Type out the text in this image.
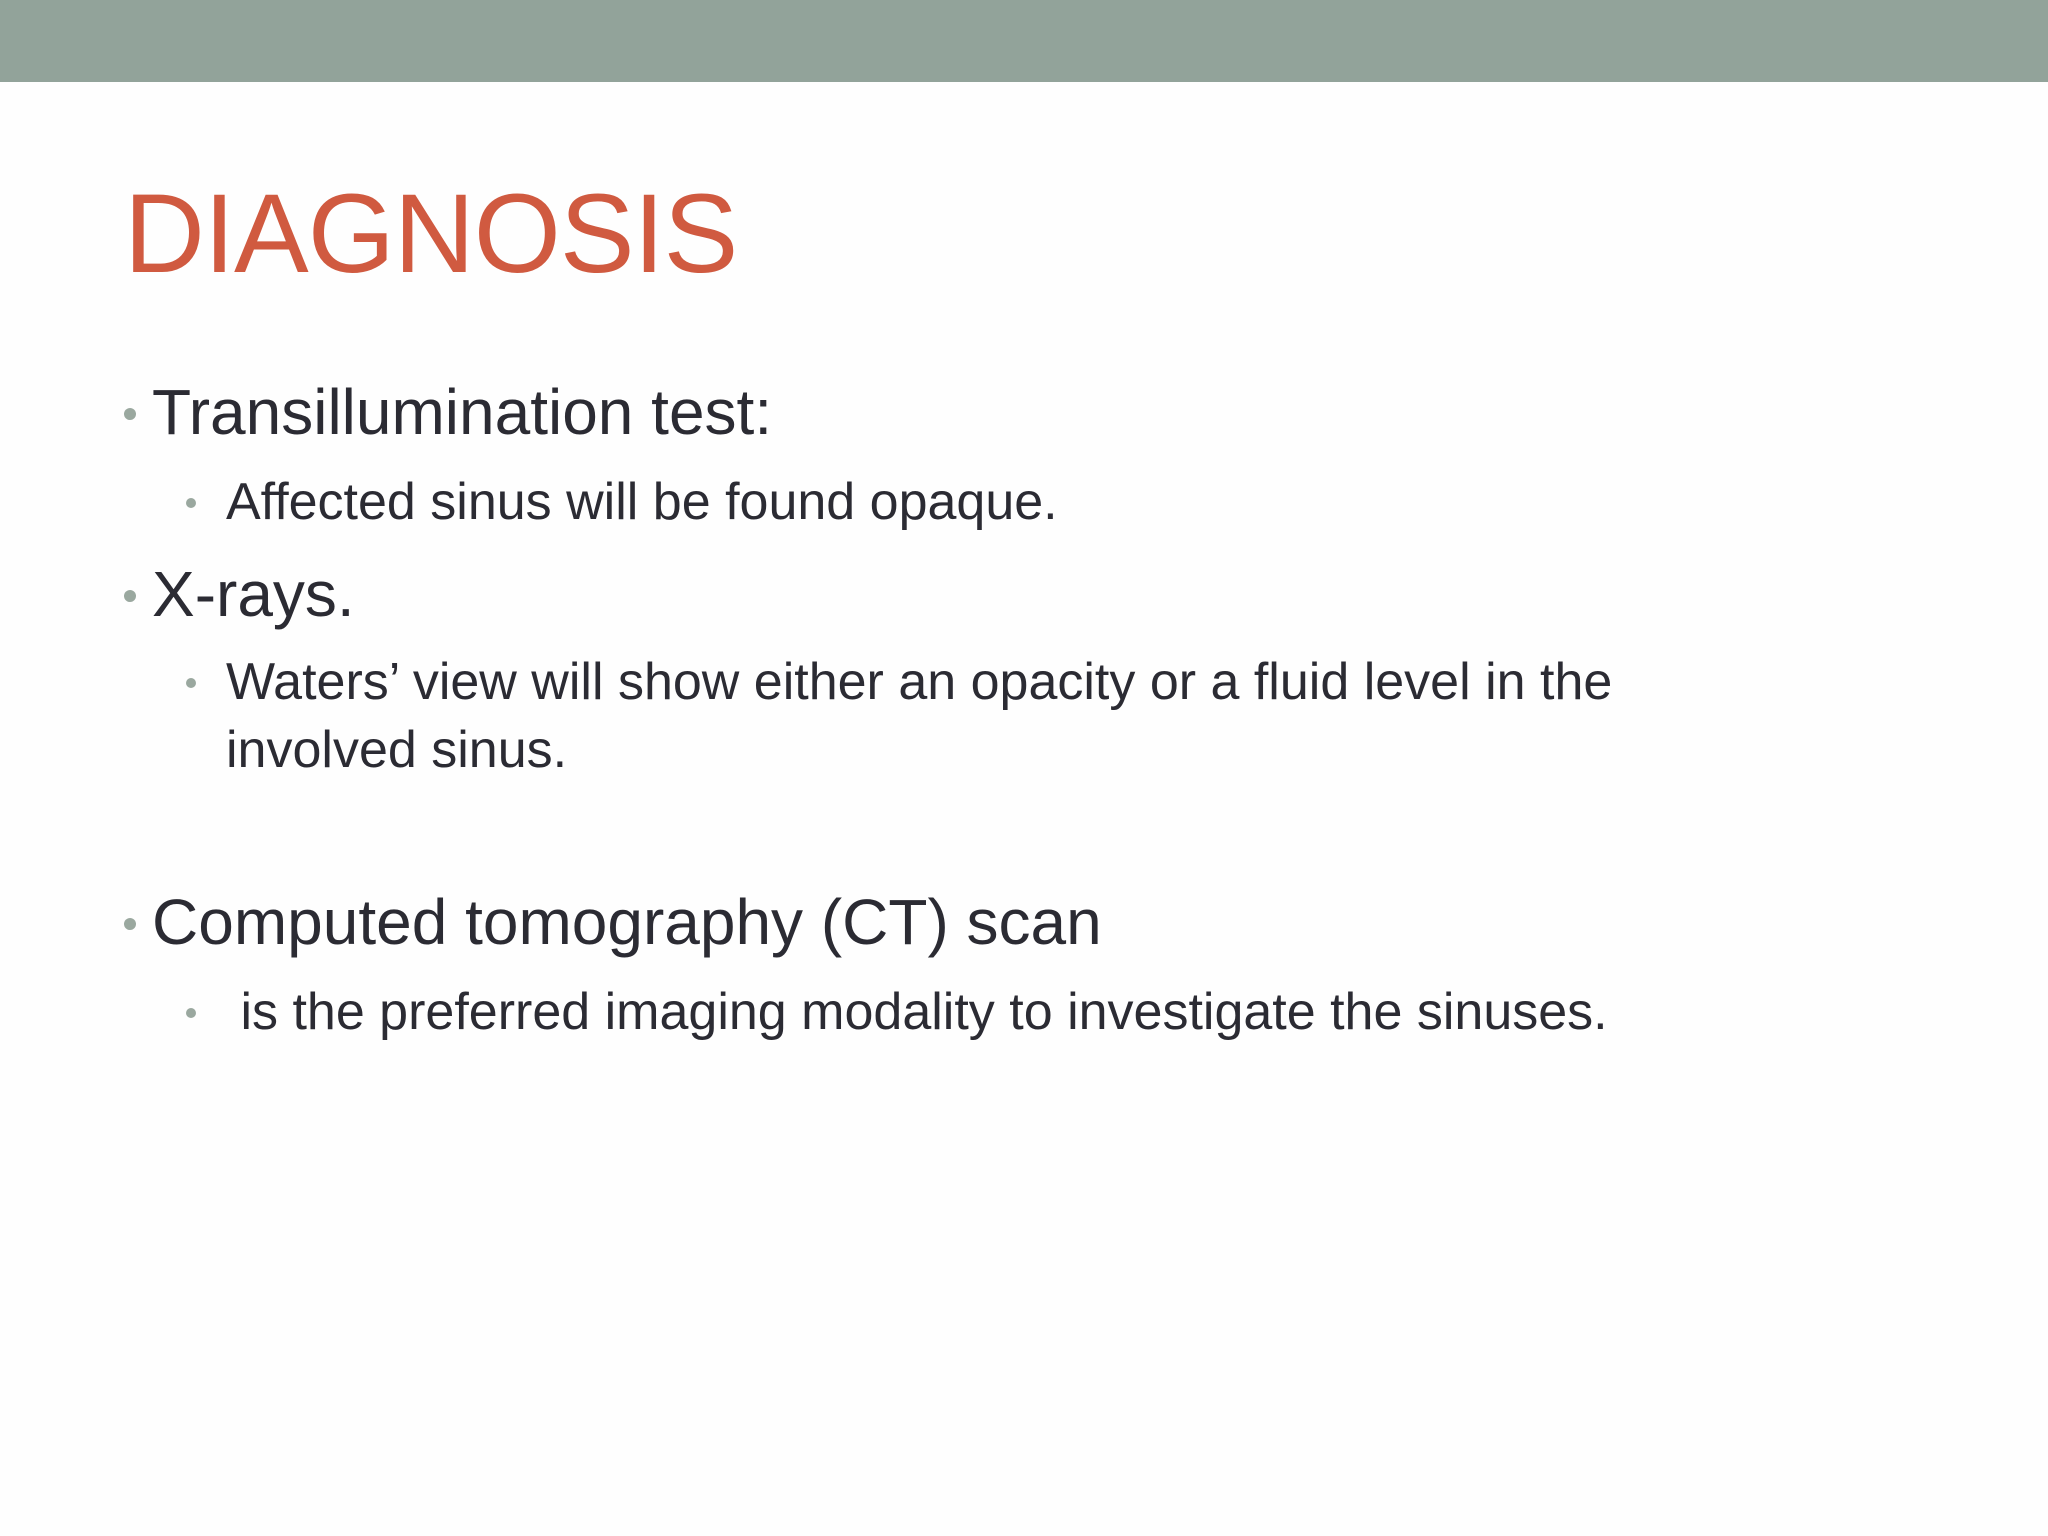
DIAGNOSIS
Transillumination test:
Affected sinus will be found opaque.
X-rays.
Waters’ view will show either an opacity or a fluid level in the involved sinus.
Computed tomography (CT) scan
is the preferred imaging modality to investigate the sinuses.
